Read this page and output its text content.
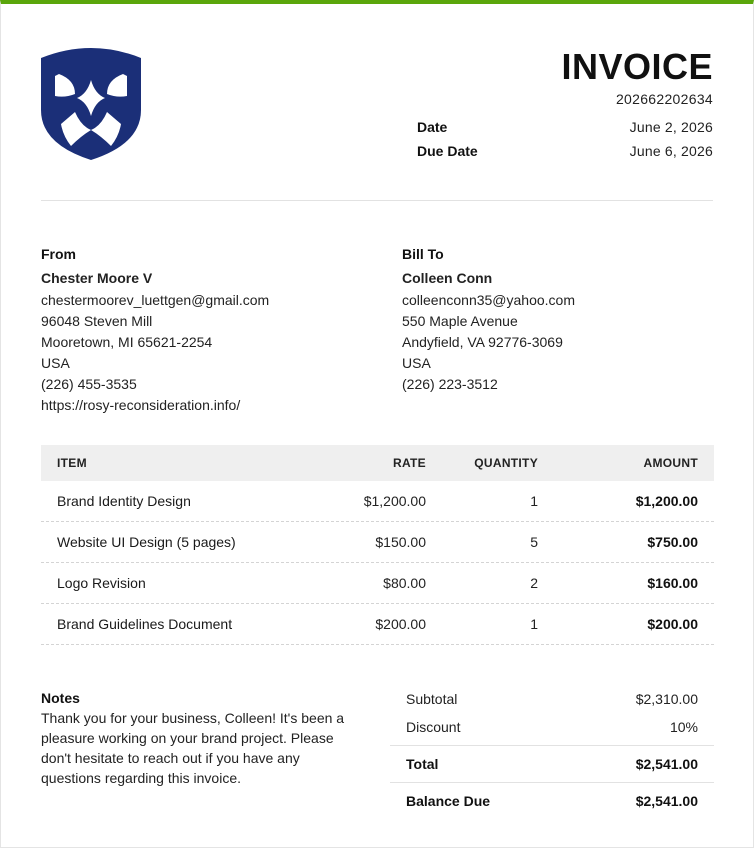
INVOICE
202662202634
Date	June 2, 2026
Due Date	June 6, 2026
From
Chester Moore V
chestermoorev_luettgen@gmail.com
96048 Steven Mill
Mooretown, MI 65621-2254
USA
(226) 455-3535
https://rosy-reconsideration.info/
Bill To
Colleen Conn
colleenconn35@yahoo.com
550 Maple Avenue
Andyfield, VA 92776-3069
USA
(226) 223-3512
ITEM	RATE	QUANTITY	AMOUNT
Brand Identity Design	$1,200.00	1	$1,200.00
Website UI Design (5 pages)	$150.00	5	$750.00
Logo Revision	$80.00	2	$160.00
Brand Guidelines Document	$200.00	1	$200.00
Notes
Thank you for your business, Colleen! It's been a
pleasure working on your brand project. Please
don't hesitate to reach out if you have any
questions regarding this invoice.
Subtotal	$2,310.00
Discount	10%
Total	$2,541.00
Balance Due	$2,541.00
